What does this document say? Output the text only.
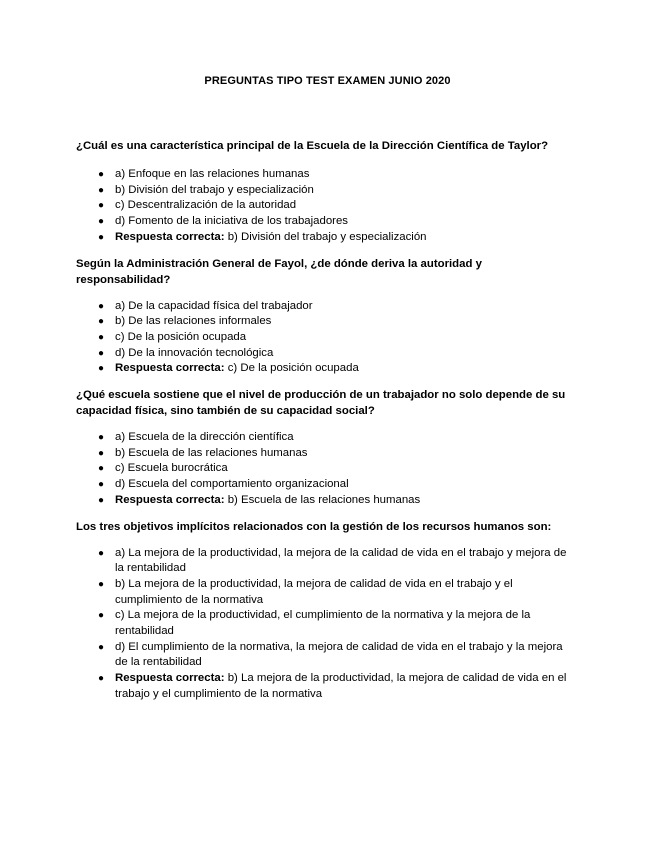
PREGUNTAS TIPO TEST EXAMEN JUNIO 2020

¿Cuál es una característica principal de la Escuela de la Dirección Científica de Taylor?

● a) Enfoque en las relaciones humanas
● b) División del trabajo y especialización
● c) Descentralización de la autoridad
● d) Fomento de la iniciativa de los trabajadores
● Respuesta correcta: b) División del trabajo y especialización

Según la Administración General de Fayol, ¿de dónde deriva la autoridad y responsabilidad?

● a) De la capacidad física del trabajador
● b) De las relaciones informales
● c) De la posición ocupada
● d) De la innovación tecnológica
● Respuesta correcta: c) De la posición ocupada

¿Qué escuela sostiene que el nivel de producción de un trabajador no solo depende de su capacidad física, sino también de su capacidad social?

● a) Escuela de la dirección científica
● b) Escuela de las relaciones humanas
● c) Escuela burocrática
● d) Escuela del comportamiento organizacional
● Respuesta correcta: b) Escuela de las relaciones humanas

Los tres objetivos implícitos relacionados con la gestión de los recursos humanos son:

● a) La mejora de la productividad, la mejora de la calidad de vida en el trabajo y mejora de la rentabilidad
● b) La mejora de la productividad, la mejora de calidad de vida en el trabajo y el cumplimiento de la normativa
● c) La mejora de la productividad, el cumplimiento de la normativa y la mejora de la rentabilidad
● d) El cumplimiento de la normativa, la mejora de calidad de vida en el trabajo y la mejora de la rentabilidad
● Respuesta correcta: b) La mejora de la productividad, la mejora de calidad de vida en el trabajo y el cumplimiento de la normativa
